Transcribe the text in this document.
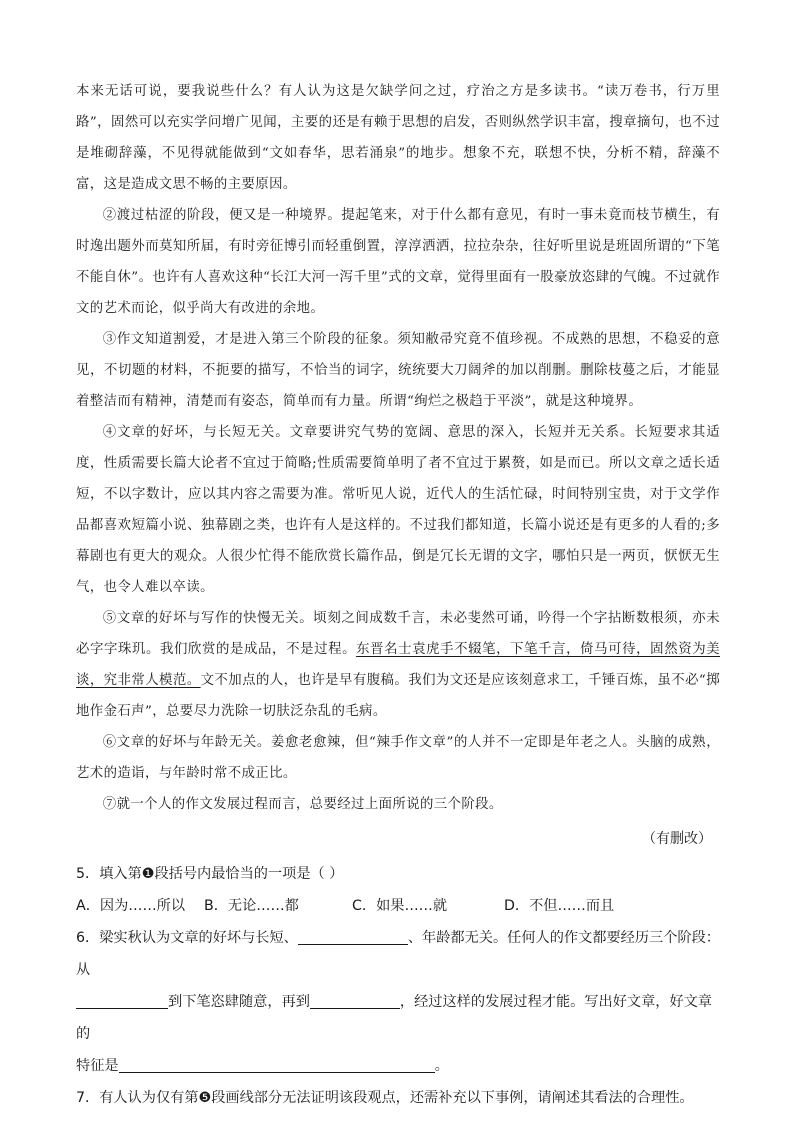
本来无话可说，要我说些什么？有人认为这是欠缺学问之过，疗治之方是多读书。“读万卷书，行万里路”，固然可以充实学问增广见闻，主要的还是有赖于思想的启发，否则纵然学识丰富，搜章摘句，也不过是堆砌辞藻，不见得就能做到“文如春华，思若涌泉”的地步。想象不充，联想不快，分析不精，辞藻不富，这是造成文思不畅的主要原因。

②渡过枯涩的阶段，便又是一种境界。提起笔来，对于什么都有意见，有时一事未竟而枝节横生，有时逸出题外而莫知所届，有时旁征博引而轻重倒置，淳淳洒洒，拉拉杂杂，往好听里说是班固所谓的“下笔不能自休”。也许有人喜欢这种“长江大河一泻千里”式的文章，觉得里面有一股豪放恣肆的气魄。不过就作文的艺术而论，似乎尚大有改进的余地。

③作文知道割爱，才是进入第三个阶段的征象。须知敝帚究竟不值珍视。不成熟的思想，不稳妥的意见，不切题的材料，不扼要的描写，不恰当的词字，统统要大刀阔斧的加以削删。删除枝蔓之后，才能显着整洁而有精神，清楚而有姿态，简单而有力量。所谓“绚烂之极趋于平淡”，就是这种境界。

④文章的好坏，与长短无关。文章要讲究气势的宽阔、意思的深入，长短并无关系。长短要求其适度，性质需要长篇大论者不宜过于简略;性质需要简单明了者不宜过于累赘，如是而已。所以文章之适长适短，不以字数计，应以其内容之需要为准。常听见人说，近代人的生活忙碌，时间特别宝贵，对于文学作品都喜欢短篇小说、独幕剧之类，也许有人是这样的。不过我们都知道，长篇小说还是有更多的人看的;多幕剧也有更大的观众。人很少忙得不能欣赏长篇作品，倒是冗长无谓的文字，哪怕只是一两页，恹恹无生气，也令人难以卒读。

⑤文章的好坏与写作的快慢无关。顷刻之间成数千言，未必斐然可诵，吟得一个字拈断数根须，亦未必字字珠玑。我们欣赏的是成品，不是过程。东晋名士袁虎手不辍笔，下笔千言，倚马可待，固然资为美谈，究非常人模范。文不加点的人，也许是早有腹稿。我们为文还是应该刻意求工，千锤百炼，虽不必“掷地作金石声”，总要尽力洗除一切肤泛杂乱的毛病。

⑥文章的好坏与年龄无关。姜愈老愈辣，但“辣手作文章”的人并不一定即是年老之人。头脑的成熟，艺术的造诣，与年龄时常不成正比。

⑦就一个人的作文发展过程而言，总要经过上面所说的三个阶段。

（有删改）

5．填入第❶段括号内最恰当的一项是（ ）

A．因为……所以 B．无论……都	C．如果……就	D．不但……而且

6．梁实秋认为文章的好坏与长短、	、年龄都无关。任何人的作文都要经历三个阶段：从
到下笔恣肆随意，再到	，经过这样的发展过程才能。写出好文章，好文章的
特征是	。

7．有人认为仅有第❺段画线部分无法证明该段观点，还需补充以下事例，请阐述其看法的合理性。
